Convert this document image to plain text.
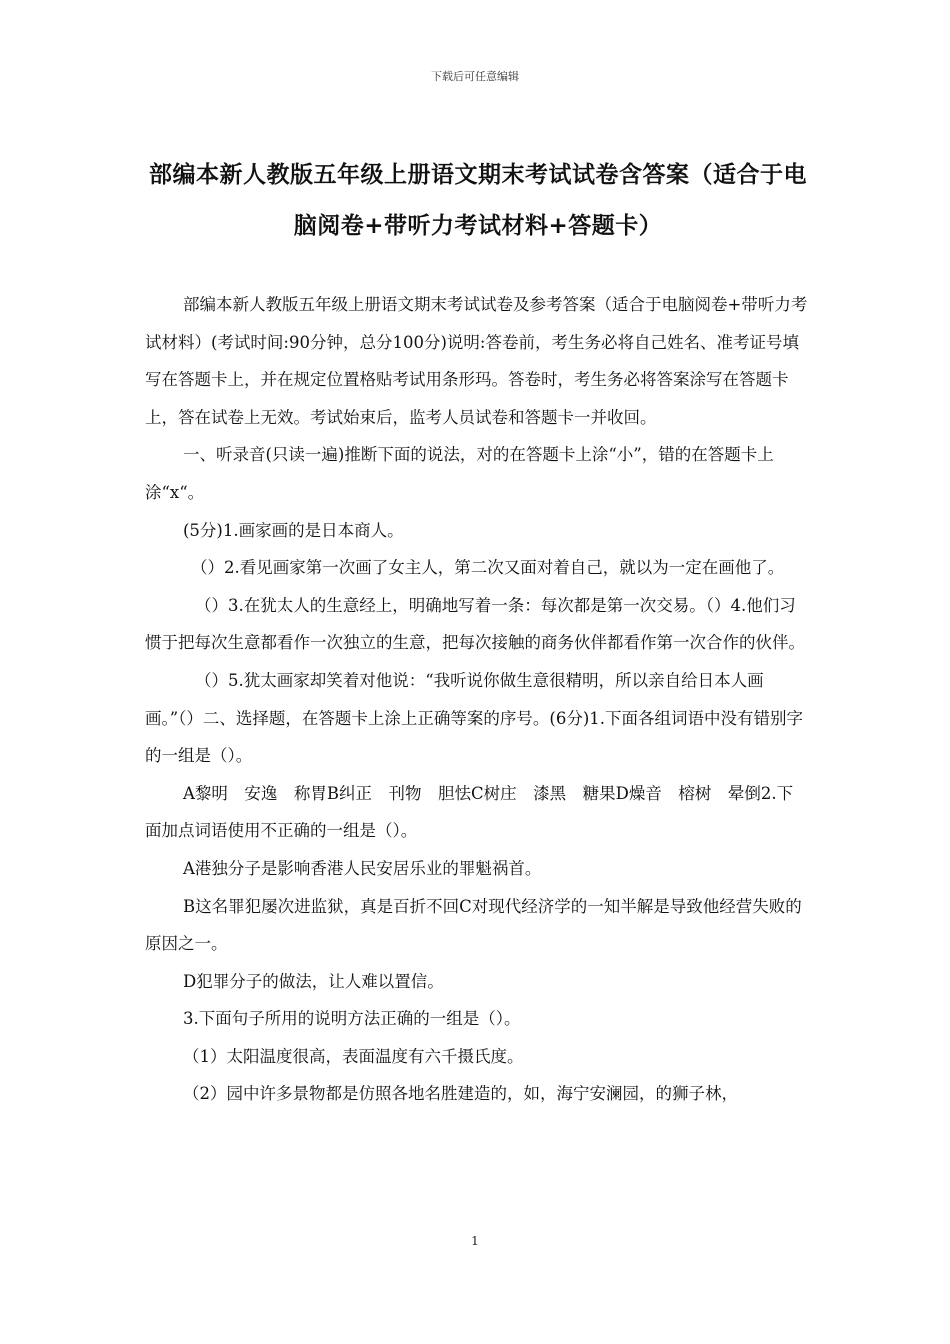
下载后可任意编辑
部编本新人教版五年级上册语文期末考试试卷含答案（适合于电脑阅卷+带听力考试材料+答题卡）

部编本新人教版五年级上册语文期末考试试卷及参考答案（适合于电脑阅卷+带听力考试材料）(考试时间:90分钟，总分100分)说明:答卷前，考生务必将自己姓名、准考证号填写在答题卡上，并在规定位置格贴考试用条形玛。答卷时，考生务必将答案涂写在答题卡上，答在试卷上无效。考试始束后，监考人员试卷和答题卡一并收回。

一、听录音(只读一遍)推断下面的说法，对的在答题卡上涂“小”，错的在答题卡上涂“x“。

(5分)1.画家画的是日本商人。

（）2.看见画家第一次画了女主人，第二次又面对着自己，就以为一定在画他了。

（）3.在犹太人的生意经上，明确地写着一条：每次都是第一次交易。（）4.他们习惯于把每次生意都看作一次独立的生意，把每次接触的商务伙伴都看作第一次合作的伙伴。

（）5.犹太画家却笑着对他说：“我听说你做生意很精明，所以亲自给日本人画画。”（）二、选择题，在答题卡上涂上正确等案的序号。(6分)1.下面各组词语中没有错别字的一组是（）。

A黎明　安逸　称胃B纠正　刊物　胆怯C树庄　漆黑　糖果D燥音　榕树　晕倒2.下面加点词语使用不正确的一组是（）。

A港独分子是影响香港人民安居乐业的罪魁祸首。

B这名罪犯屡次进监狱，真是百折不回C对现代经济学的一知半解是导致他经营失败的原因之一。

D犯罪分子的做法，让人难以置信。

3.下面句子所用的说明方法正确的一组是（）。

（1）太阳温度很高，表面温度有六千摄氏度。

（2）园中许多景物都是仿照各地名胜建造的，如，海宁安澜园，的狮子林，

1
